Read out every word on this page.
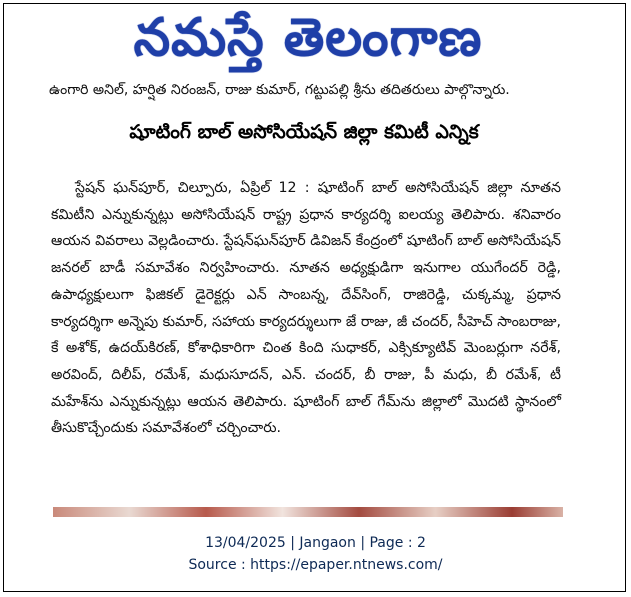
నమస్తే తెలంగాణ
ఉంగారి అనిల్, హర్షిత నిరంజన్, రాజు కుమార్, గట్టుపల్లి శ్రీను తదితరులు పాల్గొన్నారు.
షూటింగ్ బాల్ అసోసియేషన్ జిల్లా కమిటీ ఎన్నిక

స్టేషన్ ఘన్‌పూర్, చిల్పూరు, ఏప్రిల్ 12 : షూటింగ్ బాల్ అసోసియేషన్ జిల్లా నూతన కమిటీని ఎన్నుకున్నట్లు అసోసియేషన్ రాష్ట్ర ప్రధాన కార్యదర్శి ఐలయ్య తెలిపారు. శనివారం ఆయన వివరాలు వెల్లడించారు. స్టేషన్‌ఘన్‌పూర్ డివిజన్ కేంద్రంలో షూటింగ్ బాల్ అసోసియేషన్ జనరల్ బాడీ సమావేశం నిర్వహించారు. నూతన అధ్యక్షుడిగా ఇనుగాల యుగేందర్ రెడ్డి, ఉపాధ్యక్షులుగా ఫిజికల్ డైరెక్టర్లు ఎన్ సాంబన్న, దేవ్‌సింగ్, రాజిరెడ్డి, చుక్కమ్మ, ప్రధాన కార్యదర్శిగా అన్నెపు కుమార్, సహాయ కార్యదర్శులుగా జే రాజు, జీ చందర్, సీహెచ్ సాంబరాజు, కే అశోక్, ఉదయ్‌కిరణ్, కోశాధికారిగా చింత కింది సుధాకర్, ఎక్సిక్యూటివ్ మెంబర్లుగా నరేశ్, అరవింద్, దిలీప్, రమేశ్, మధుసూదన్, ఎన్. చందర్, బీ రాజు, పీ మధు, బీ రమేశ్, టీ మహేశ్‌ను ఎన్నుకున్నట్లు ఆయన తెలిపారు. షూటింగ్ బాల్ గేమ్‌ను జిల్లాలో మొదటి స్థానంలో తీసుకొచ్చేందుకు సమావేశంలో చర్చించారు.

13/04/2025 | Jangaon | Page : 2
Source : https://epaper.ntnews.com/
